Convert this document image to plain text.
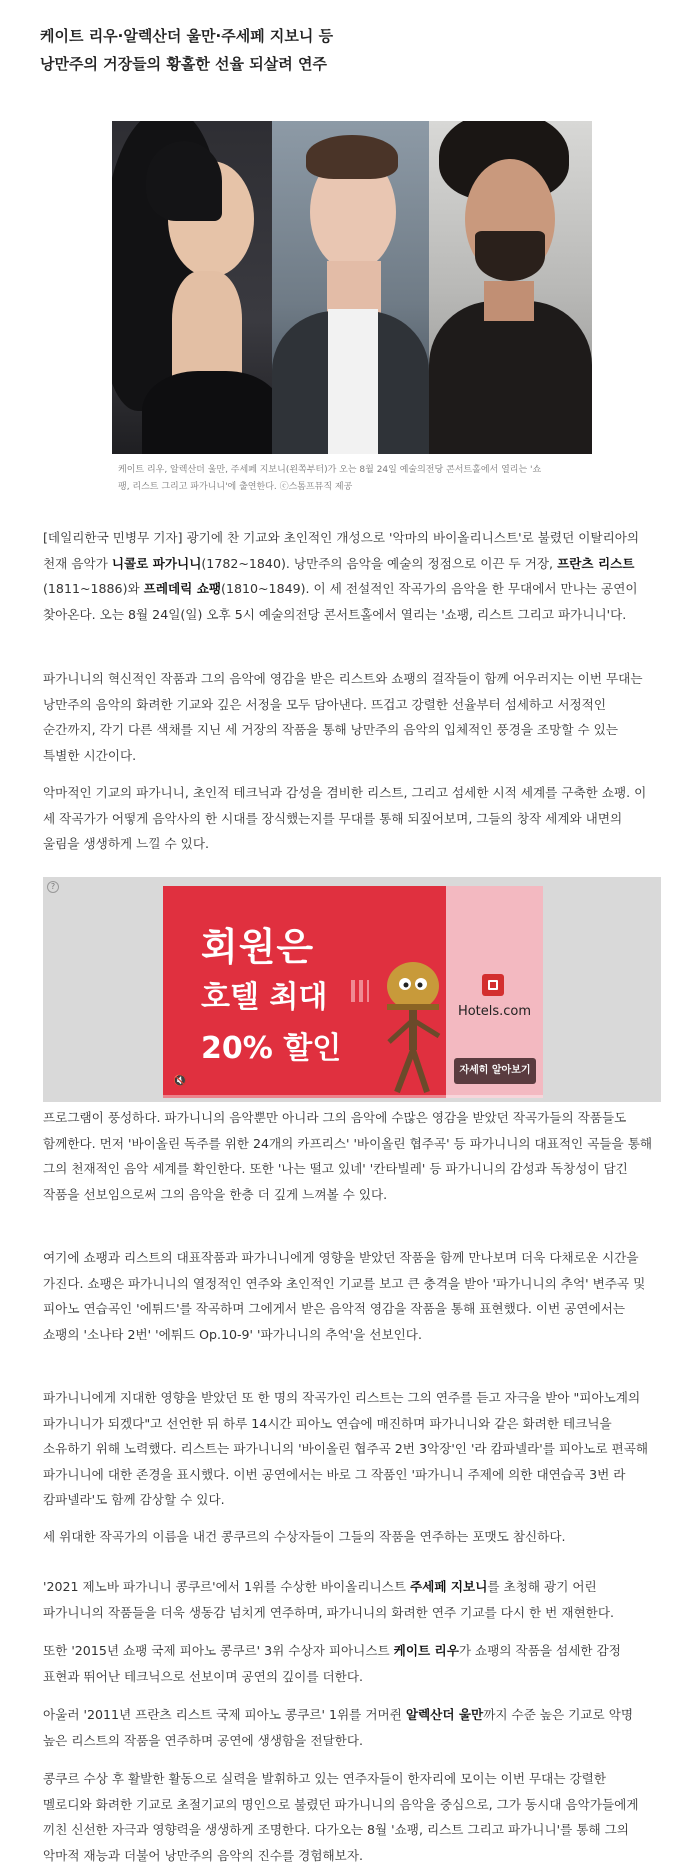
케이트 리우·알렉산더 울만·주세페 지보니 등
낭만주의 거장들의 황홀한 선율 되살려 연주
케이트 리우, 알렉산더 울만, 주세페 지보니(왼쪽부터)가 오는 8월 24일 예술의전당 콘서트홀에서 열리는 '쇼
팽, 리스트 그리고 파가니니'에 출연한다. ⓒ스톰프뮤직 제공
[데일리한국 민병무 기자] 광기에 찬 기교와 초인적인 개성으로 '악마의 바이올리니스트'로 불렸던 이탈리아의 천재 음악가 니콜로 파가니니(1782~1840). 낭만주의 음악을 예술의 정점으로 이끈 두 거장, 프란츠 리스트(1811~1886)와 프레데릭 쇼팽(1810~1849). 이 세 전설적인 작곡가의 음악을 한 무대에서 만나는 공연이 찾아온다. 오는 8월 24일(일) 오후 5시 예술의전당 콘서트홀에서 열리는 '쇼팽, 리스트 그리고 파가니니'다.
파가니니의 혁신적인 작품과 그의 음악에 영감을 받은 리스트와 쇼팽의 걸작들이 함께 어우러지는 이번 무대는 낭만주의 음악의 화려한 기교와 깊은 서정을 모두 담아낸다. 뜨겁고 강렬한 선율부터 섬세하고 서정적인 순간까지, 각기 다른 색채를 지닌 세 거장의 작품을 통해 낭만주의 음악의 입체적인 풍경을 조망할 수 있는 특별한 시간이다.
악마적인 기교의 파가니니, 초인적 테크닉과 감성을 겸비한 리스트, 그리고 섬세한 시적 세계를 구축한 쇼팽. 이 세 작곡가가 어떻게 음악사의 한 시대를 장식했는지를 무대를 통해 되짚어보며, 그들의 창작 세계와 내면의 울림을 생생하게 느낄 수 있다.
?
회원은
호텔 최대
20% 할인
Hotels.com
자세히 알아보기
🔇
프로그램이 풍성하다. 파가니니의 음악뿐만 아니라 그의 음악에 수많은 영감을 받았던 작곡가들의 작품들도 함께한다. 먼저 '바이올린 독주를 위한 24개의 카프리스' '바이올린 협주곡' 등 파가니니의 대표적인 곡들을 통해 그의 천재적인 음악 세계를 확인한다. 또한 '나는 떨고 있네' '칸타빌레' 등 파가니니의 감성과 독창성이 담긴 작품을 선보임으로써 그의 음악을 한층 더 깊게 느껴볼 수 있다.
여기에 쇼팽과 리스트의 대표작품과 파가니니에게 영향을 받았던 작품을 함께 만나보며 더욱 다채로운 시간을 가진다. 쇼팽은 파가니니의 열정적인 연주와 초인적인 기교를 보고 큰 충격을 받아 '파가니니의 추억' 변주곡 및 피아노 연습곡인 '에튀드'를 작곡하며 그에게서 받은 음악적 영감을 작품을 통해 표현했다. 이번 공연에서는 쇼팽의 '소나타 2번' '에튀드 Op.10-9' '파가니니의 추억'을 선보인다.
파가니니에게 지대한 영향을 받았던 또 한 명의 작곡가인 리스트는 그의 연주를 듣고 자극을 받아 "피아노계의 파가니니가 되겠다"고 선언한 뒤 하루 14시간 피아노 연습에 매진하며 파가니니와 같은 화려한 테크닉을 소유하기 위해 노력했다. 리스트는 파가니니의 '바이올린 협주곡 2번 3악장'인 '라 캄파넬라'를 피아노로 편곡해 파가니니에 대한 존경을 표시했다. 이번 공연에서는 바로 그 작품인 '파가니니 주제에 의한 대연습곡 3번 라 캄파넬라'도 함께 감상할 수 있다.
세 위대한 작곡가의 이름을 내건 콩쿠르의 수상자들이 그들의 작품을 연주하는 포맷도 참신하다.
'2021 제노바 파가니니 콩쿠르'에서 1위를 수상한 바이올리니스트 주세페 지보니를 초청해 광기 어린 파가니니의 작품들을 더욱 생동감 넘치게 연주하며, 파가니니의 화려한 연주 기교를 다시 한 번 재현한다.
또한 '2015년 쇼팽 국제 피아노 콩쿠르' 3위 수상자 피아니스트 케이트 리우가 쇼팽의 작품을 섬세한 감정 표현과 뛰어난 테크닉으로 선보이며 공연의 깊이를 더한다.
아울러 '2011년 프란츠 리스트 국제 피아노 콩쿠르' 1위를 거머쥔 알렉산더 울만까지 수준 높은 기교로 악명 높은 리스트의 작품을 연주하며 공연에 생생함을 전달한다.
콩쿠르 수상 후 활발한 활동으로 실력을 발휘하고 있는 연주자들이 한자리에 모이는 이번 무대는 강렬한 멜로디와 화려한 기교로 초절기교의 명인으로 불렸던 파가니니의 음악을 중심으로, 그가 동시대 음악가들에게 끼친 신선한 자극과 영향력을 생생하게 조명한다. 다가오는 8월 '쇼팽, 리스트 그리고 파가니니'를 통해 그의 악마적 재능과 더불어 낭만주의 음악의 진수를 경험해보자.
